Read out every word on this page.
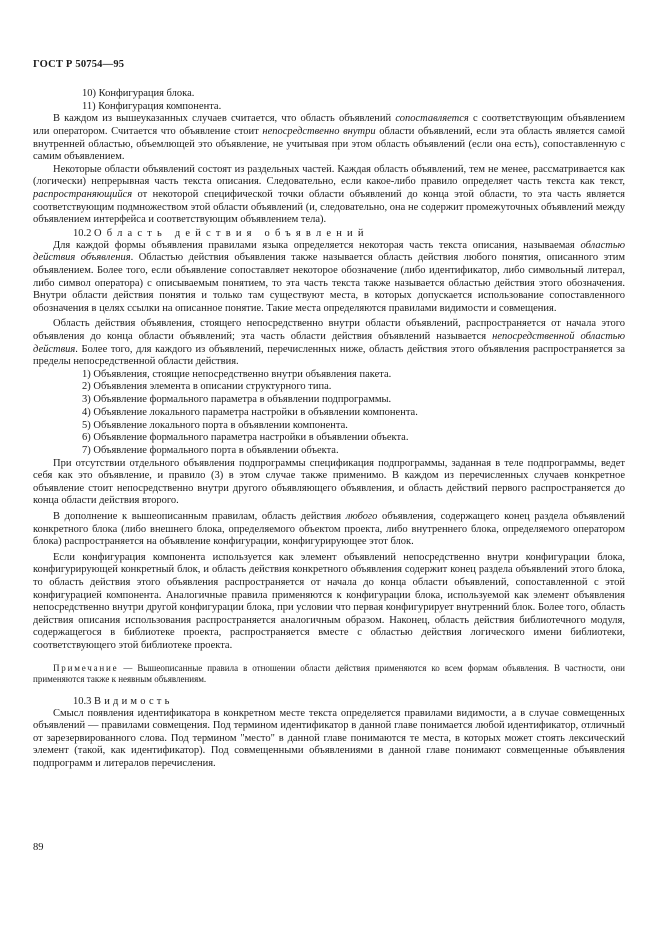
ГОСТ Р 50754—95

10) Конфигурация блока.

11) Конфигурация компонента.

В каждом из вышеуказанных случаев считается, что область объявлений сопоставляется с соответствующим объявлением или оператором. Считается что объявление стоит непосредственно внутри области объявлений, если эта область является самой внутренней областью, объемлющей это объявление, не учитывая при этом область объявлений (если она есть), сопоставленную с самим объявлением.

Некоторые области объявлений состоят из раздельных частей. Каждая область объявлений, тем не менее, рассматривается как (логически) непрерывная часть текста описания. Следовательно, если какое-либо правило определяет часть текста как текст, распространяющийся от некоторой специфической точки области объявлений до конца этой области, то эта часть является соответствующим подмножеством этой области объявлений (и, следовательно, она не содержит промежуточных объявлений между объявлением интерфейса и соответствующим объявлением тела).

10.2 Область действия объявлений

Для каждой формы объявления правилами языка определяется некоторая часть текста описания, называемая областью действия объявления. Областью действия объявления также называется область действия любого понятия, описанного этим объявлением. Более того, если объявление сопоставляет некоторое обозначение (либо идентификатор, либо символьный литерал, либо символ оператора) с описываемым понятием, то эта часть текста также называется областью действия этого обозначения. Внутри области действия понятия и только там существуют места, в которых допускается использование сопоставленного обозначения в целях ссылки на описанное понятие. Такие места определяются правилами видимости и совмещения.

Область действия объявления, стоящего непосредственно внутри области объявлений, распространяется от начала этого объявления до конца области объявлений; эта часть области действия объявлений называется непосредственной областью действия. Более того, для каждого из объявлений, перечисленных ниже, область действия этого объявления распространяется за пределы непосредственной области действия.

1) Объявления, стоящие непосредственно внутри объявления пакета.

2) Объявления элемента в описании структурного типа.

3) Объявление формального параметра в объявлении подпрограммы.

4) Объявление локального параметра настройки в объявлении компонента.

5) Объявление локального порта в объявлении компонента.

6) Объявление формального параметра настройки в объявлении объекта.

7) Объявление формального порта в объявлении объекта.

При отсутствии отдельного объявления подпрограммы спецификация подпрограммы, заданная в теле подпрограммы, ведет себя как это объявление, и правило (3) в этом случае также применимо. В каждом из перечисленных случаев конкретное объявление стоит непосредственно внутри другого объявляющего объявления, и область действий первого распространяется до конца области действия второго.

В дополнение к вышеописанным правилам, область действия любого объявления, содержащего конец раздела объявлений конкретного блока (либо внешнего блока, определяемого объектом проекта, либо внутреннего блока, определяемого оператором блока) распространяется на объявление конфигурации, конфигурирующее этот блок.

Если конфигурация компонента используется как элемент объявлений непосредственно внутри конфигурации блока, конфигурирующей конкретный блок, и область действия конкретного объявления содержит конец раздела объявлений этого блока, то область действия этого объявления распространяется от начала до конца области объявлений, сопоставленной с этой конфигурацией компонента. Аналогичные правила применяются к конфигурации блока, используемой как элемент объявления непосредственно внутри другой конфигурации блока, при условии что первая конфигурирует внутренний блок. Более того, область действия описания использования распространяется аналогичным образом. Наконец, область действия библиотечного модуля, содержащегося в библиотеке проекта, распространяется вместе с областью действия логического имени библиотеки, соответствующего этой библиотеке проекта.

Примечание — Вышеописанные правила в отношении области действия применяются ко всем формам объявления. В частности, они применяются также к неявным объявлениям.

10.3 Видимость

Смысл появления идентификатора в конкретном месте текста определяется правилами видимости, а в случае совмещенных объявлений — правилами совмещения. Под термином идентификатор в данной главе понимается любой идентификатор, отличный от зарезервированного слова. Под термином "место" в данной главе понимаются те места, в которых может стоять лексический элемент (такой, как идентификатор). Под совмещенными объявлениями в данной главе понимают совмещенные объявления подпрограмм и литералов перечисления.

89
